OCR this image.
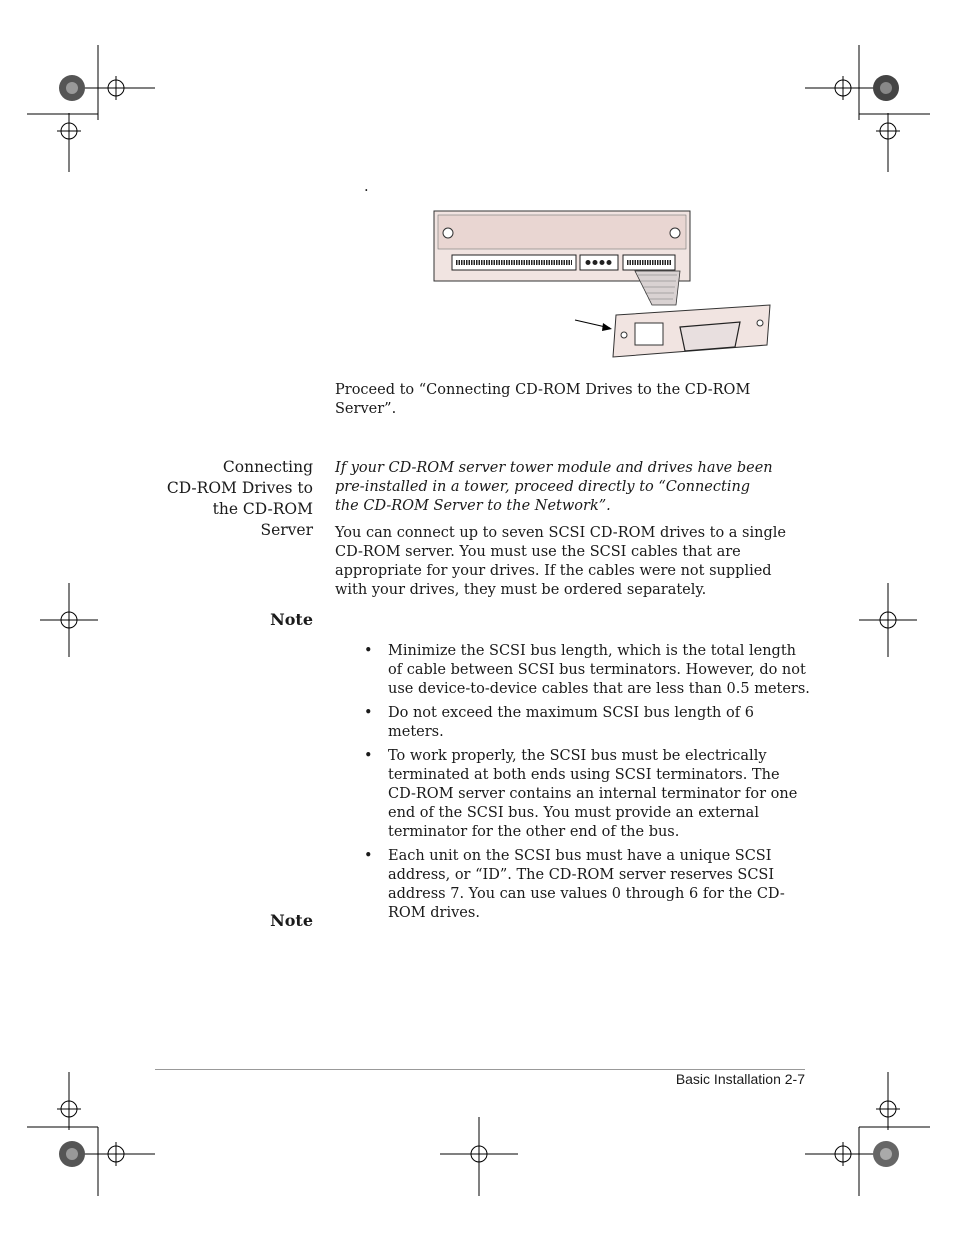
.
Proceed to “Connecting CD-ROM Drives to the CD-ROM Server”.
Connecting
CD-ROM Drives to
the CD-ROM
Server
If your CD-ROM server tower module and drives have been pre-installed in a tower, proceed directly to “Connecting the CD-ROM Server to the Network”.
You can connect up to seven SCSI CD-ROM drives to a single CD-ROM server. You must use the SCSI cables that are appropriate for your drives. If the cables were not supplied with your drives, they must be ordered separately.
Note
• Minimize the SCSI bus length, which is the total length of cable between SCSI bus terminators. However, do not use device-to-device cables that are less than 0.5 meters.
• Do not exceed the maximum SCSI bus length of 6 meters.
• To work properly, the SCSI bus must be electrically terminated at both ends using SCSI terminators. The CD-ROM server contains an internal terminator for one end of the SCSI bus. You must provide an external terminator for the other end of the bus.
• Each unit on the SCSI bus must have a unique SCSI address, or “ID”. The CD-ROM server reserves SCSI address 7. You can use values 0 through 6 for the CD-ROM drives.
Note
Basic Installation 2-7
